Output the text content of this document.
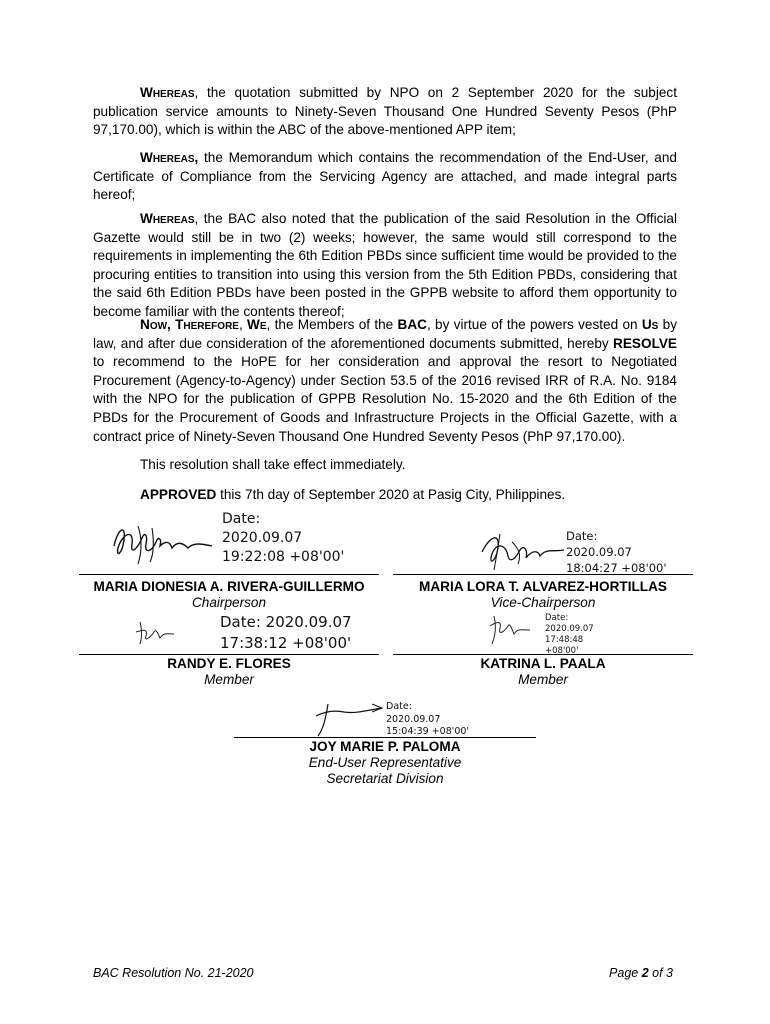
Whereas, the quotation submitted by NPO on 2 September 2020 for the subject publication service amounts to Ninety-Seven Thousand One Hundred Seventy Pesos (PhP 97,170.00), which is within the ABC of the above-mentioned APP item;

Whereas, the Memorandum which contains the recommendation of the End-User, and Certificate of Compliance from the Servicing Agency are attached, and made integral parts hereof;

Whereas, the BAC also noted that the publication of the said Resolution in the Official Gazette would still be in two (2) weeks; however, the same would still correspond to the requirements in implementing the 6th Edition PBDs since sufficient time would be provided to the procuring entities to transition into using this version from the 5th Edition PBDs, considering that the said 6th Edition PBDs have been posted in the GPPB website to afford them opportunity to become familiar with the contents thereof;

Now, Therefore, We, the Members of the BAC, by virtue of the powers vested on Us by law, and after due consideration of the aforementioned documents submitted, hereby RESOLVE to recommend to the HoPE for her consideration and approval the resort to Negotiated Procurement (Agency-to-Agency) under Section 53.5 of the 2016 revised IRR of R.A. No. 9184 with the NPO for the publication of GPPB Resolution No. 15-2020 and the 6th Edition of the PBDs for the Procurement of Goods and Infrastructure Projects in the Official Gazette, with a contract price of Ninety-Seven Thousand One Hundred Seventy Pesos (PhP 97,170.00).

This resolution shall take effect immediately.

APPROVED this 7th day of September 2020 at Pasig City, Philippines.

Date:
2020.09.07
19:22:08 +08'00'
MARIA DIONESIA A. RIVERA-GUILLERMO
Chairperson
Date:
2020.09.07
18:04:27 +08'00'
MARIA LORA T. ALVAREZ-HORTILLAS
Vice-Chairperson
Date: 2020.09.07
17:38:12 +08'00'
RANDY E. FLORES
Member
Date:
2020.09.07
17:48:48
+08'00'
KATRINA L. PAALA
Member
Date:
2020.09.07
15:04:39 +08'00'
JOY MARIE P. PALOMA
End-User Representative
Secretariat Division
BAC Resolution No. 21-2020	Page 2 of 3
